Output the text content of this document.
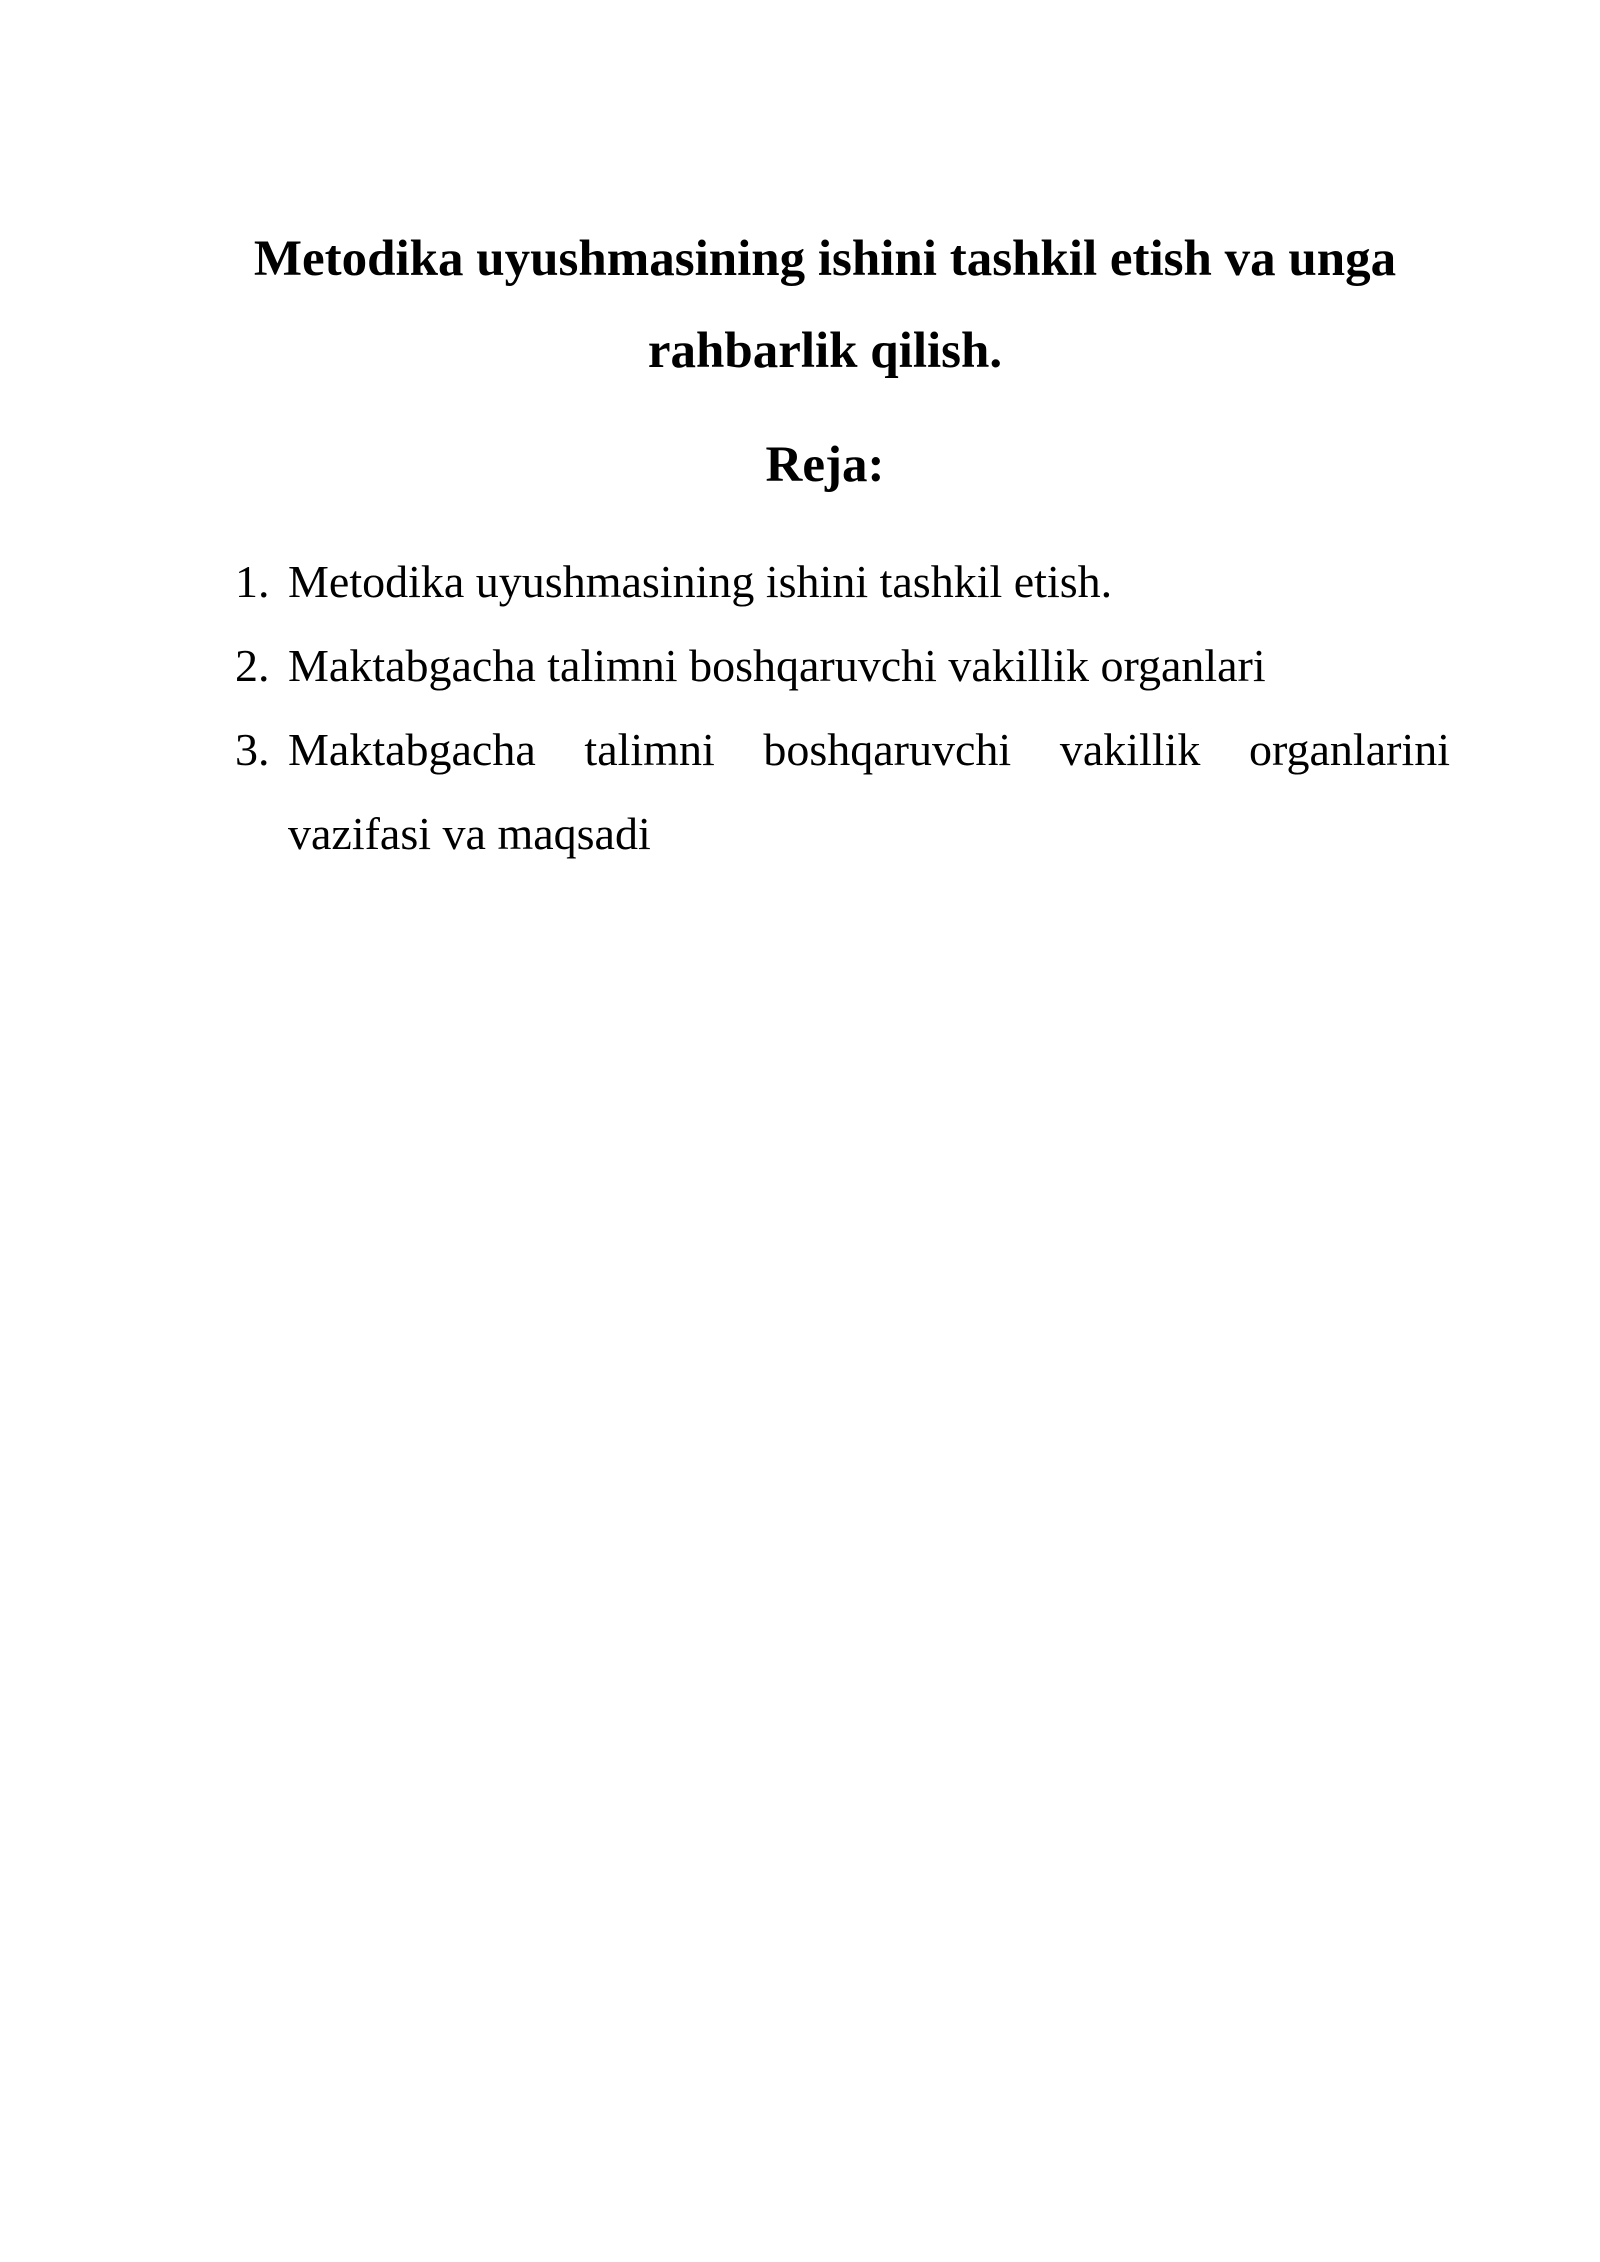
Metodika uyushmasining ishini tashkil etish va unga rahbarlik qilish.
Reja:
1. Metodika uyushmasining ishini tashkil etish.
2. Maktabgacha talimni boshqaruvchi vakillik organlari
3. Maktabgacha talimni boshqaruvchi vakillik organlarini vazifasi va maqsadi
